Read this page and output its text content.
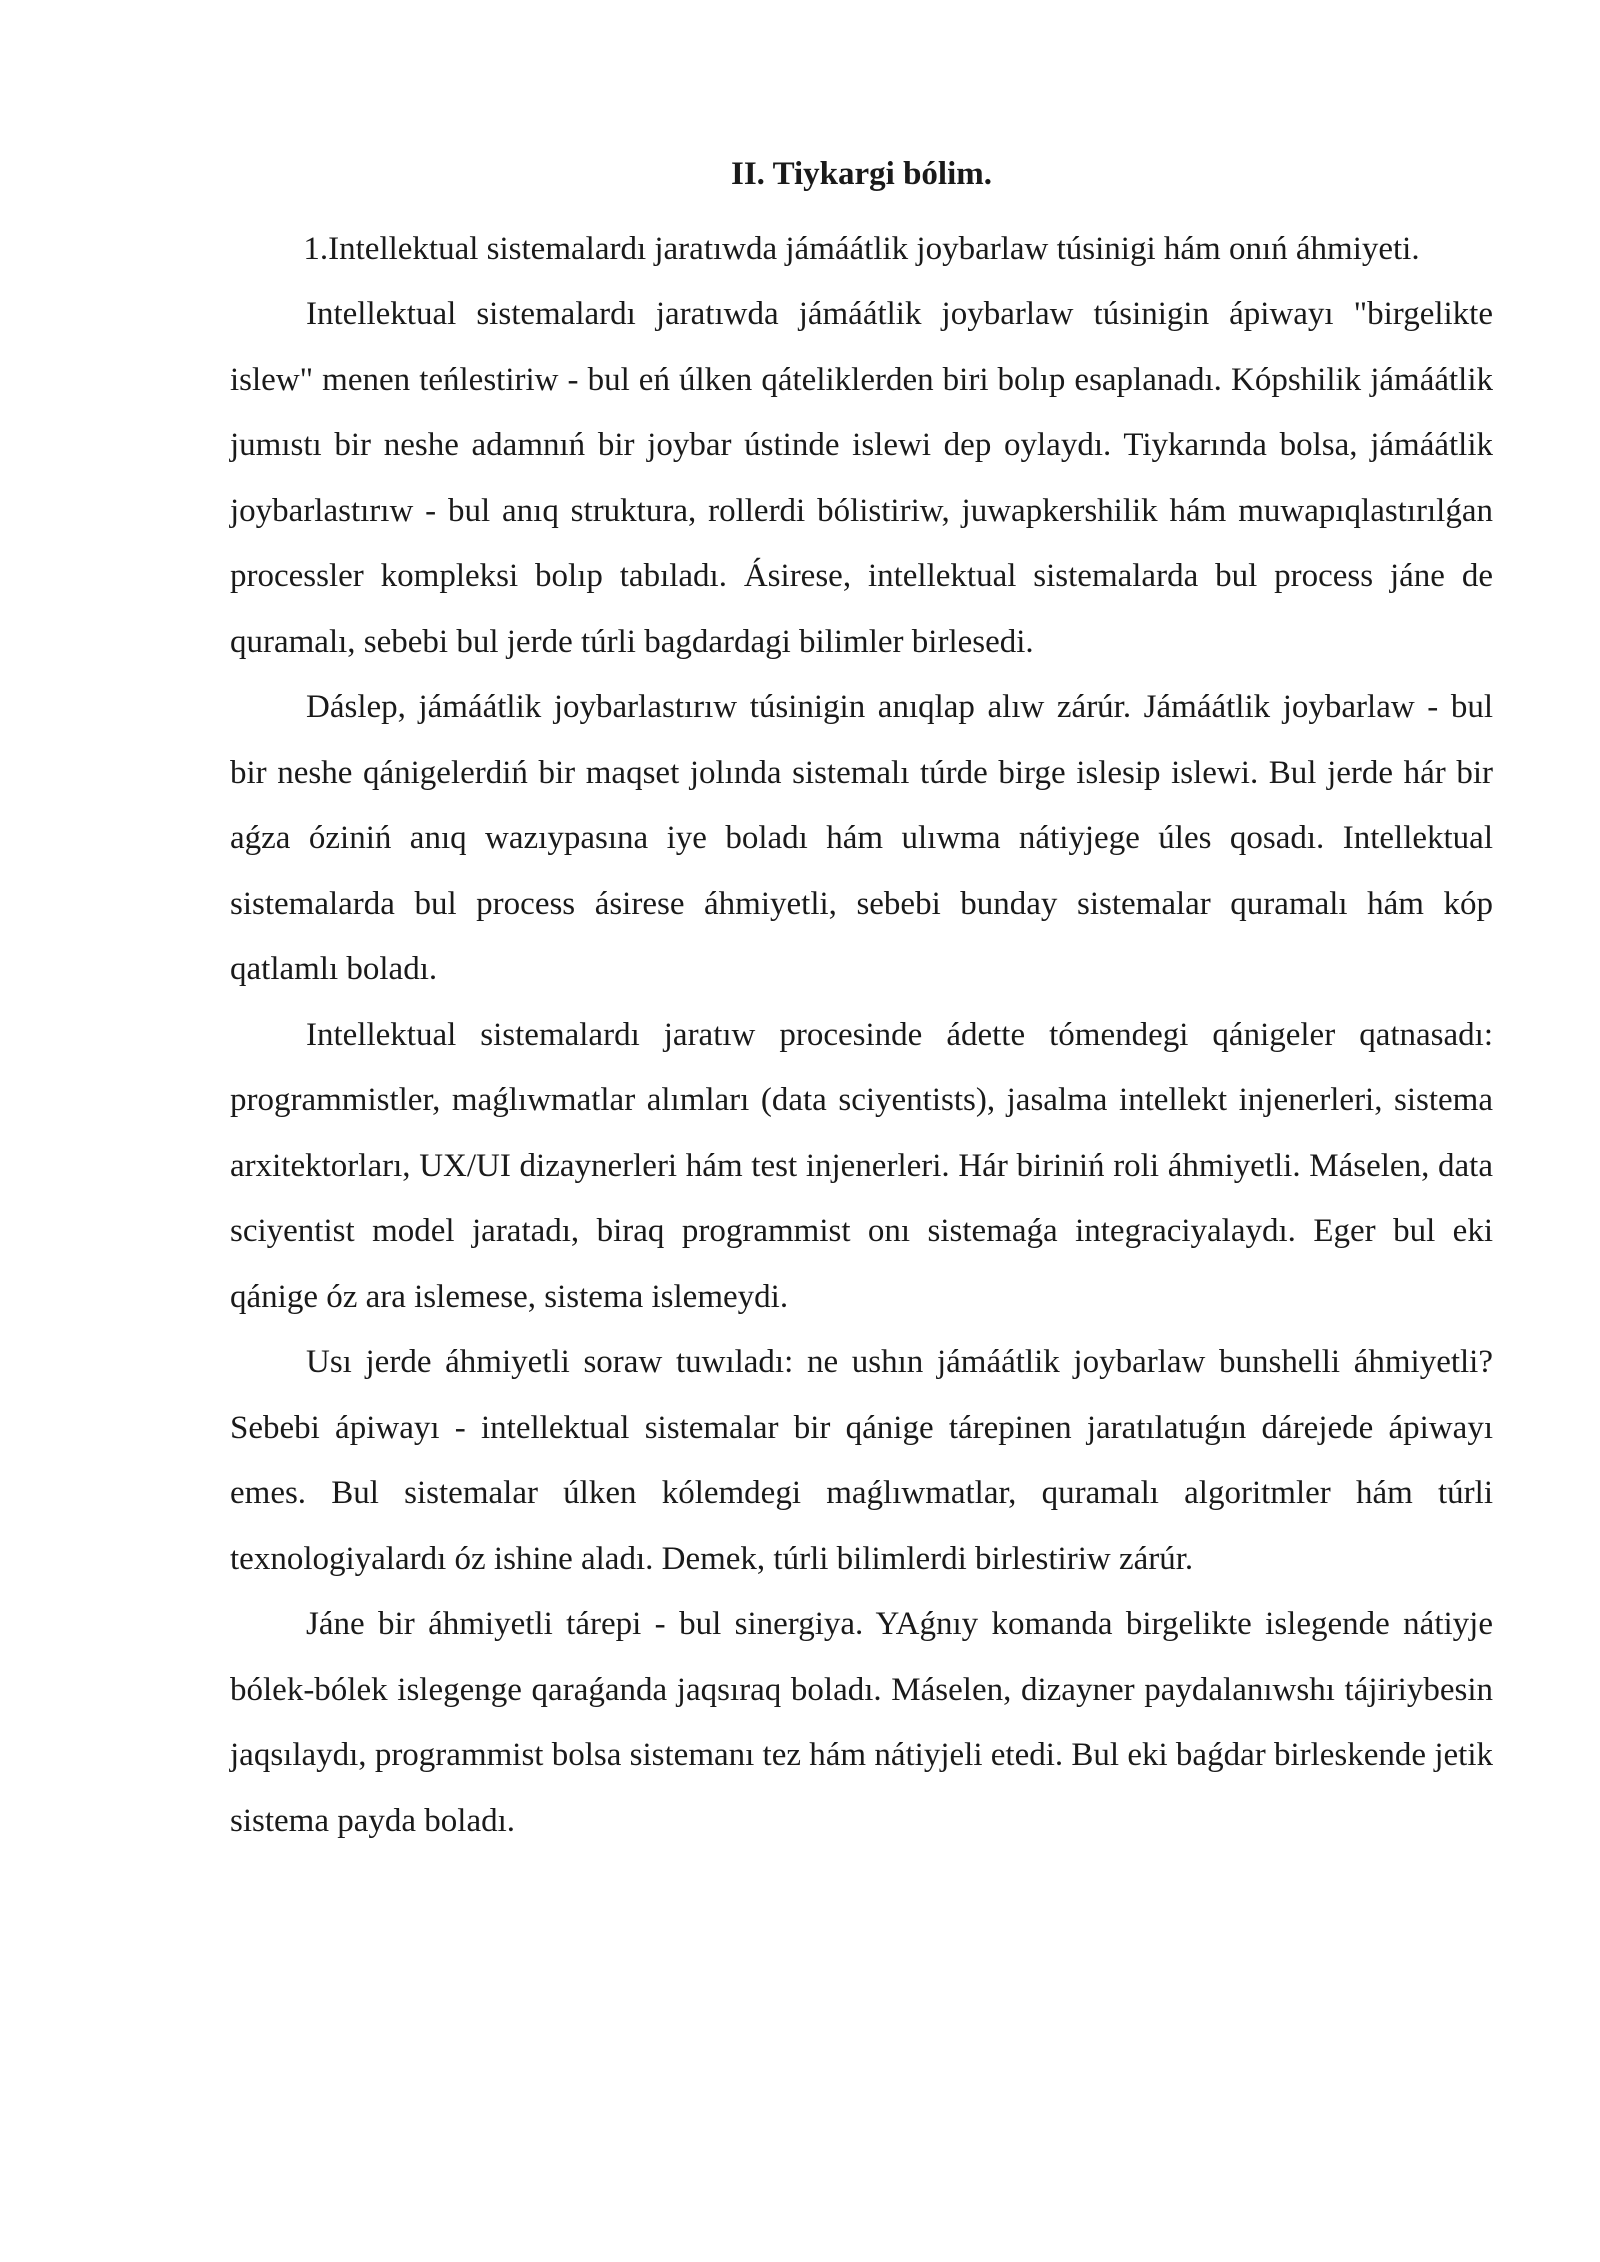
II. Tiykargi bólim.

1.Intellektual sistemalardı jaratıwda jámáátlik joybarlaw túsinigi hám onıń áhmiyeti.

Intellektual sistemalardı jaratıwda jámáátlik joybarlaw túsinigin ápiwayı "birgelikte islew" menen teńlestiriw - bul eń úlken qáteliklerden biri bolıp esaplanadı. Kópshilik jámáátlik jumıstı bir neshe adamnıń bir joybar ústinde islewi dep oylaydı. Tiykarında bolsa, jámáátlik joybarlastırıw - bul anıq struktura, rollerdi bólistiriw, juwapkershilik hám muwapıqlastırılǵan processler kompleksi bolıp tabıladı. Ásirese, intellektual sistemalarda bul process jáne de quramalı, sebebi bul jerde túrli bagdardagi bilimler birlesedi.

Dáslep, jámáátlik joybarlastırıw túsinigin anıqlap alıw zárúr. Jámáátlik joybarlaw - bul bir neshe qánigelerdiń bir maqset jolında sistemalı túrde birge islesip islewi. Bul jerde hár bir aǵza óziniń anıq wazıypasına iye boladı hám ulıwma nátiyjege úles qosadı. Intellektual sistemalarda bul process ásirese áhmiyetli, sebebi bunday sistemalar quramalı hám kóp qatlamlı boladı.

Intellektual sistemalardı jaratıw procesinde ádette tómendegi qánigeler qatnasadı: programmistler, maǵlıwmatlar alımları (data sciyentists), jasalma intellekt injenerleri, sistema arxitektorları, UX/UI dizaynerleri hám test injenerleri. Hár biriniń roli áhmiyetli. Máselen, data sciyentist model jaratadı, biraq programmist onı sistemaǵa integraciyalaydı. Eger bul eki qánige óz ara islemese, sistema islemeydi.

Usı jerde áhmiyetli soraw tuwıladı: ne ushın jámáátlik joybarlaw bunshelli áhmiyetli? Sebebi ápiwayı - intellektual sistemalar bir qánige tárepinen jaratılatuǵın dárejede ápiwayı emes. Bul sistemalar úlken kólemdegi maǵlıwmatlar, quramalı algoritmler hám túrli texnologiyalardı óz ishine aladı. Demek, túrli bilimlerdi birlestiriw zárúr.

Jáne bir áhmiyetli tárepi - bul sinergiya. YAǵnıy komanda birgelikte islegende nátiyje bólek-bólek islegenge qaraǵanda jaqsıraq boladı. Máselen, dizayner paydalanıwshı tájiriybesin jaqsılaydı, programmist bolsa sistemanı tez hám nátiyjeli etedi. Bul eki baǵdar birleskende jetik sistema payda boladı.
